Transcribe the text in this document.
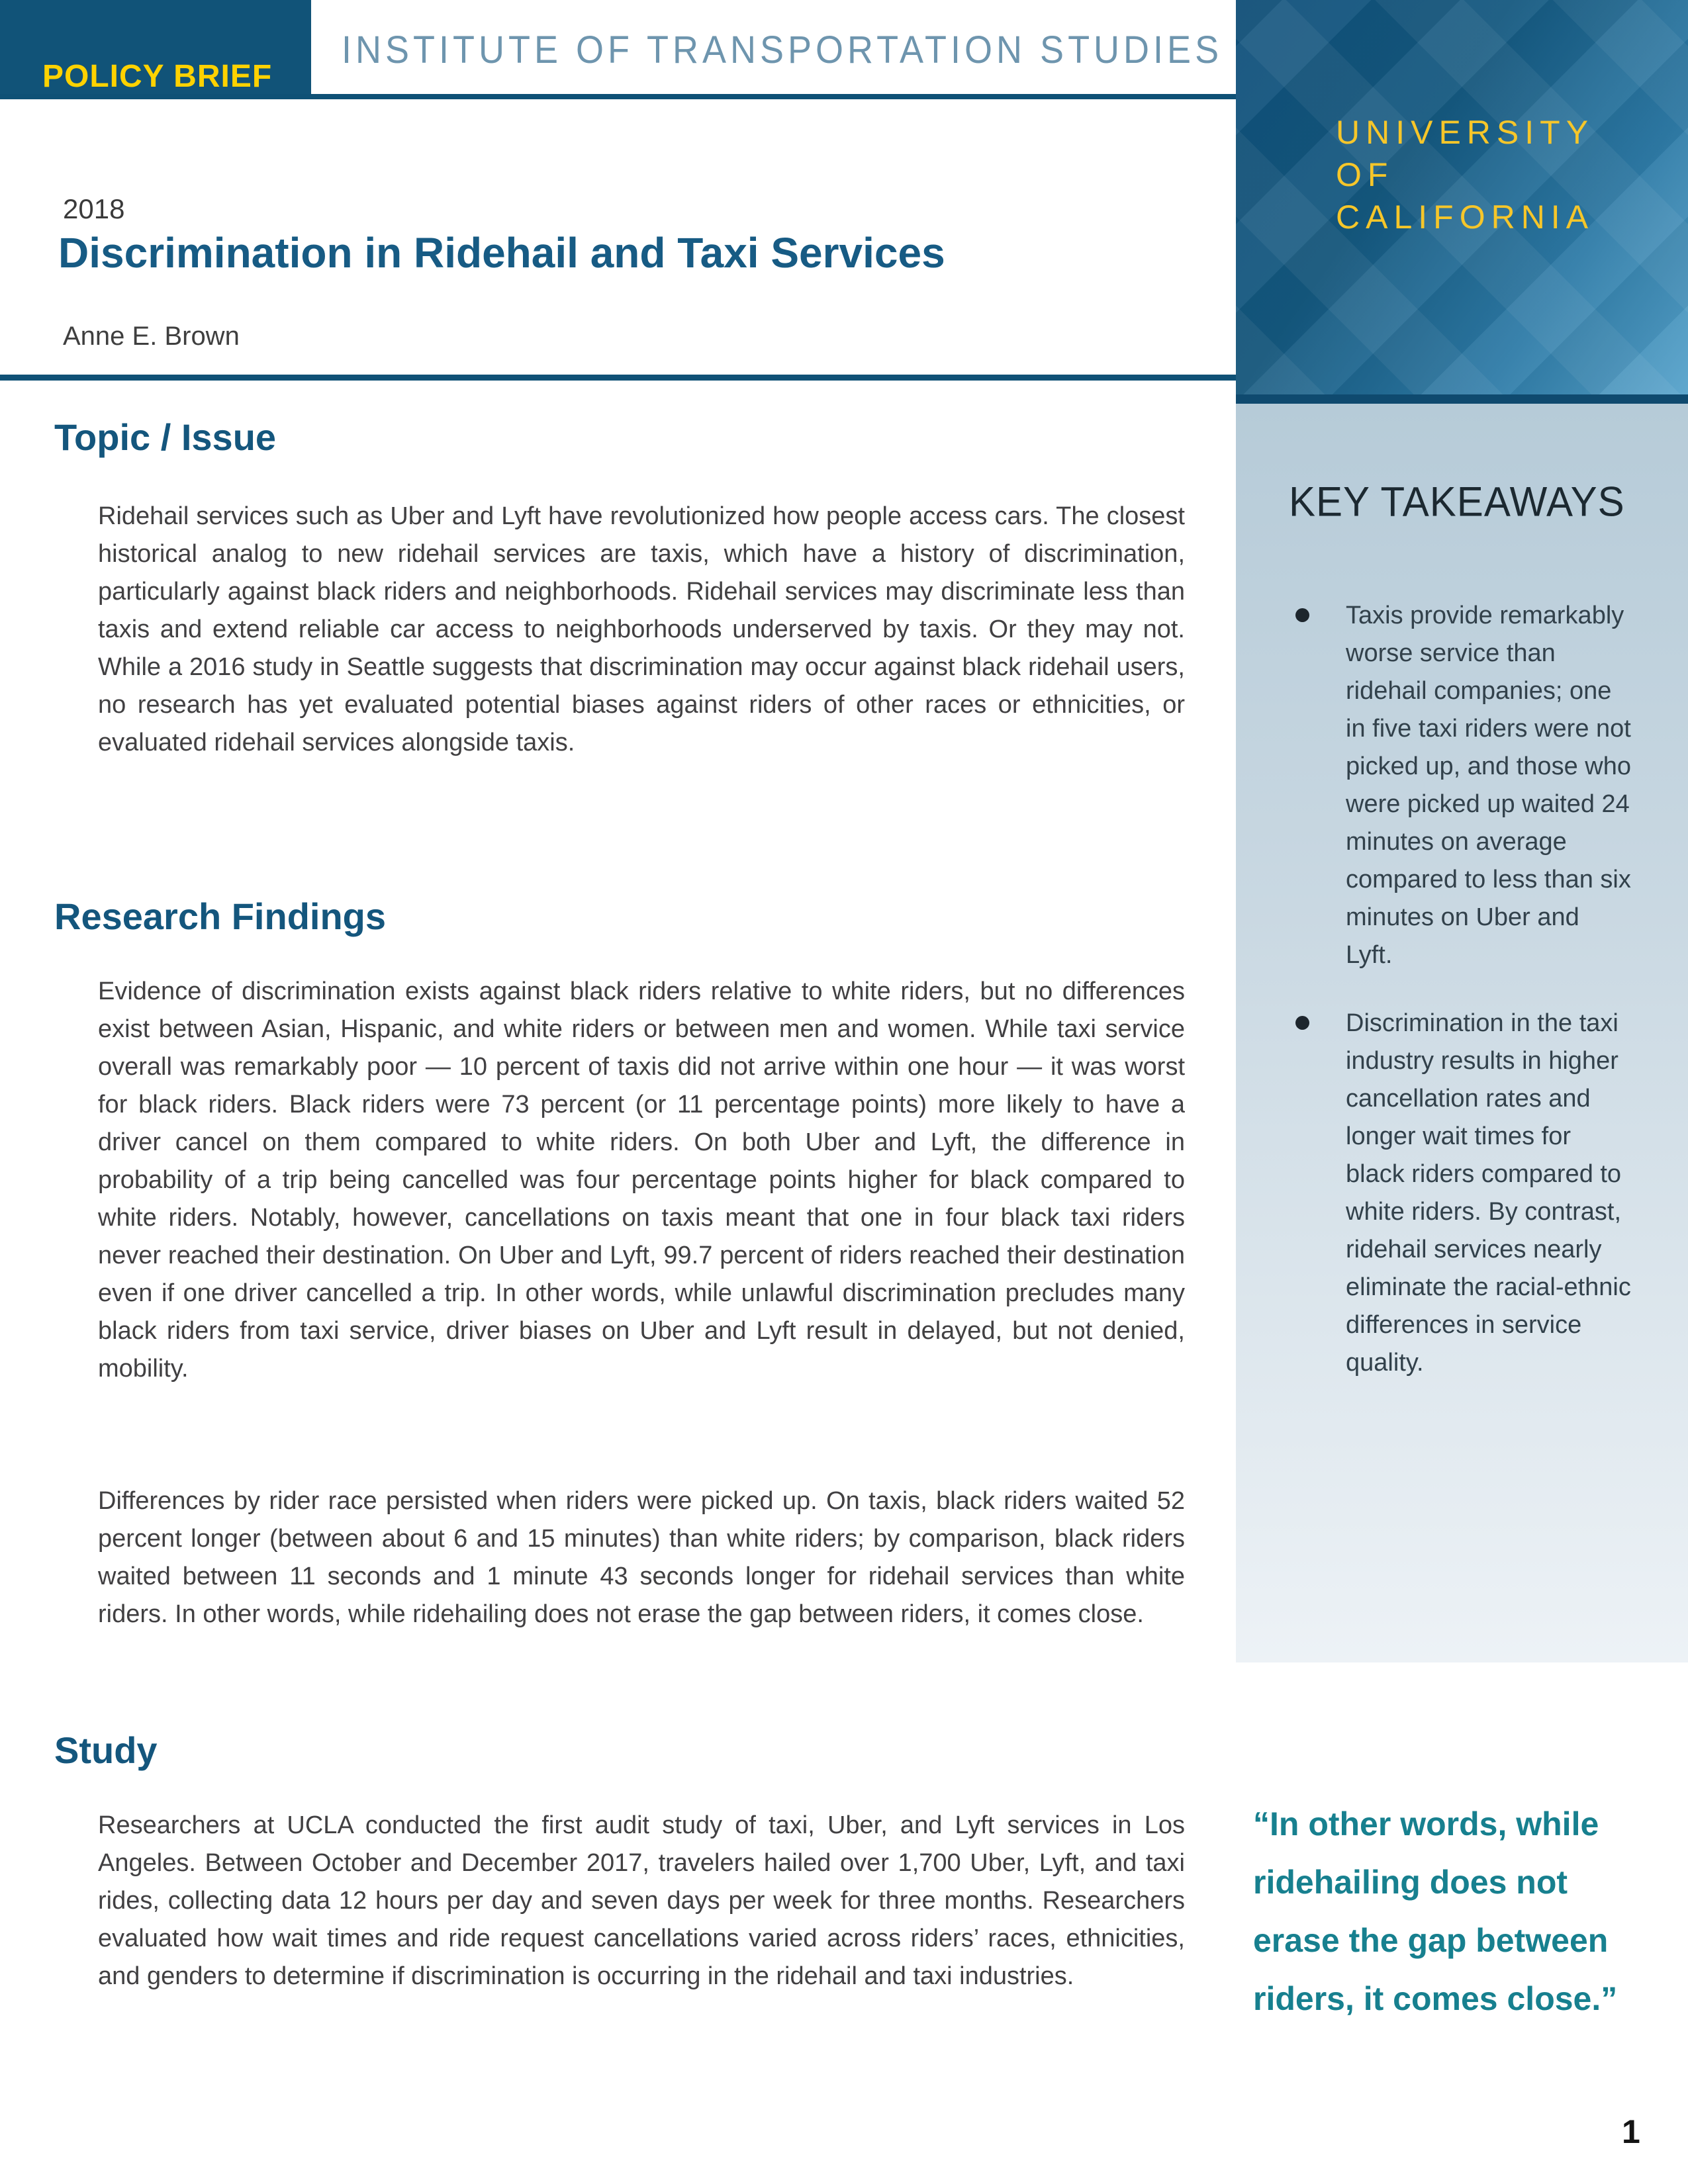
POLICY BRIEF
INSTITUTE OF TRANSPORTATION STUDIES
2018
Discrimination in Ridehail and Taxi Services
Anne E. Brown
Topic / Issue

Ridehail services such as Uber and Lyft have revolutionized how people access cars. The closest historical analog to new ridehail services are taxis, which have a history of discrimination, particularly against black riders and neighborhoods. Ridehail services may discriminate less than taxis and extend reliable car access to neighborhoods underserved by taxis. Or they may not. While a 2016 study in Seattle suggests that discrimination may occur against black ridehail users, no research has yet evaluated potential biases against riders of other races or ethnicities, or evaluated ridehail services alongside taxis.

Research Findings

Evidence of discrimination exists against black riders relative to white riders, but no differences exist between Asian, Hispanic, and white riders or between men and women. While taxi service overall was remarkably poor — 10 percent of taxis did not arrive within one hour — it was worst for black riders. Black riders were 73 percent (or 11 percentage points) more likely to have a driver cancel on them compared to white riders. On both Uber and Lyft, the difference in probability of a trip being cancelled was four percentage points higher for black compared to white riders. Notably, however, cancellations on taxis meant that one in four black taxi riders never reached their destination. On Uber and Lyft, 99.7 percent of riders reached their destination even if one driver cancelled a trip. In other words, while unlawful discrimination precludes many black riders from taxi service, driver biases on Uber and Lyft result in delayed, but not denied, mobility.

Differences by rider race persisted when riders were picked up. On taxis, black riders waited 52 percent longer (between about 6 and 15 minutes) than white riders; by comparison, black riders waited between 11 seconds and 1 minute 43 seconds longer for ridehail services than white riders. In other words, while ridehailing does not erase the gap between riders, it comes close.

Study

Researchers at UCLA conducted the first audit study of taxi, Uber, and Lyft services in Los Angeles. Between October and December 2017, travelers hailed over 1,700 Uber, Lyft, and taxi rides, collecting data 12 hours per day and seven days per week for three months. Researchers evaluated how wait times and ride request cancellations varied across riders’ races, ethnicities, and genders to determine if discrimination is occurring in the ridehail and taxi industries.

UNIVERSITY
OF
CALIFORNIA
KEY TAKEAWAYS
Taxis provide remarkably worse service than ridehail companies; one in five taxi riders were not picked up, and those who were picked up waited 24 minutes on average compared to less than six minutes on Uber and Lyft.
Discrimination in the taxi industry results in higher cancellation rates and longer wait times for black riders compared to white riders. By contrast, ridehail services nearly eliminate the racial-ethnic differences in service quality.
“In other words, while ridehailing does not erase the gap between riders, it comes close.”
1
